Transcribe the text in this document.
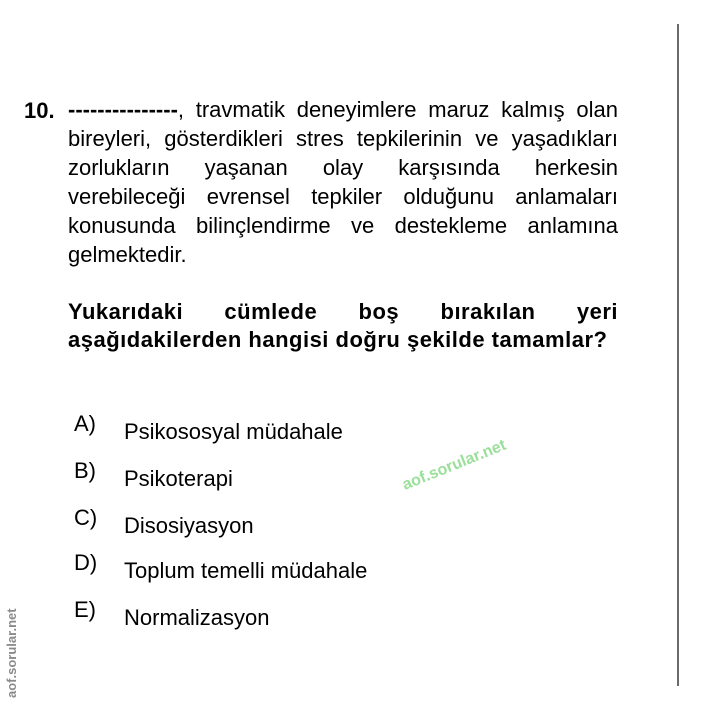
10. ---------------, travmatik deneyimlere maruz kalmış olan bireyleri, gösterdikleri stres tepkilerinin ve yaşadıkları zorlukların yaşanan olay karşısında herkesin verebileceği evrensel tepkiler olduğunu anlamaları konusunda bilinçlendirme ve destekleme anlamına gelmektedir.
Yukarıdaki cümlede boş bırakılan yeri aşağıdakilerden hangisi doğru şekilde tamamlar?
A) Psikososyal müdahale
B) Psikoterapi
C) Disosiyasyon
D) Toplum temelli müdahale
E) Normalizasyon
aof.sorular.net
aof.sorular.net
